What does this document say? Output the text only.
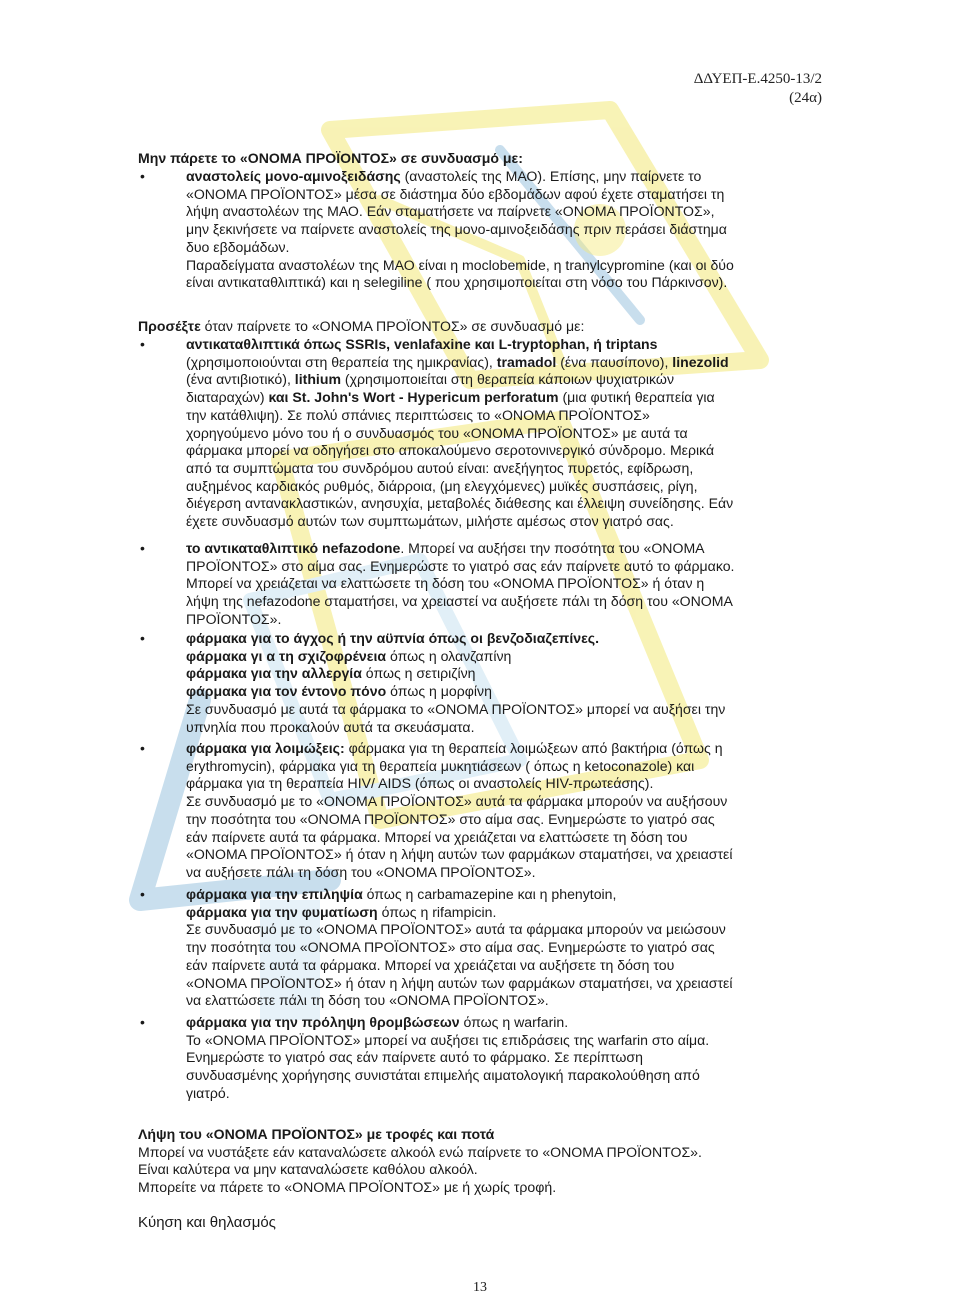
ΔΔΥΕΠ-Ε.4250-13/2
(24α)
Μην πάρετε το «ΟΝΟΜΑ ΠΡΟΪΟΝΤΟΣ» σε συνδυασμό με:
•	αναστολείς μονο-αμινοξειδάσης (αναστολείς της ΜΑΟ). Επίσης, μην παίρνετε το
«ΟΝΟΜΑ ΠΡΟΪΟΝΤΟΣ» μέσα σε διάστημα δύο εβδομάδων αφού έχετε σταματήσει τη
λήψη αναστολέων της ΜΑΟ. Εάν σταματήσετε να παίρνετε «ΟΝΟΜΑ ΠΡΟΪΟΝΤΟΣ»,
μην ξεκινήσετε να παίρνετε αναστολείς της μονο-αμινοξειδάσης πριν περάσει διάστημα
δυο εβδομάδων.
Παραδείγματα αναστολέων της ΜΑΟ είναι η moclobemide, η tranylcypromine (και οι δύο
είναι αντικαταθλιπτικά) και η selegiline ( που χρησιμοποιείται στη νόσο του Πάρκινσον).
Προσέξτε όταν παίρνετε το «ΟΝΟΜΑ ΠΡΟΪΟΝΤΟΣ» σε συνδυασμό με:
•	αντικαταθλιπτικά όπως SSRIs, venlafaxine και L-tryptophan, ή triptans
(χρησιμοποιούνται στη θεραπεία της ημικρανίας), tramadol (ένα παυσίπονο), linezolid
(ένα αντιβιοτικό), lithium (χρησιμοποιείται στη θεραπεία κάποιων ψυχιατρικών
διαταραχών) και St. John's Wort - Hypericum perforatum (μια φυτική θεραπεία για
την κατάθλιψη). Σε πολύ σπάνιες περιπτώσεις το «ΟΝΟΜΑ ΠΡΟΪΟΝΤΟΣ»
χορηγούμενο μόνο του ή ο συνδυασμός του «ΟΝΟΜΑ ΠΡΟΪΟΝΤΟΣ» με αυτά τα
φάρμακα μπορεί να οδηγήσει στο αποκαλούμενο σεροτονινεργικό σύνδρομο. Μερικά
από τα συμπτώματα του συνδρόμου αυτού είναι: ανεξήγητος πυρετός, εφίδρωση,
αυξημένος καρδιακός ρυθμός, διάρροια, (μη ελεγχόμενες) μυϊκές συσπάσεις, ρίγη,
διέγερση αντανακλαστικών, ανησυχία, μεταβολές διάθεσης και έλλειψη συνείδησης. Εάν
έχετε συνδυασμό αυτών των συμπτωμάτων, μιλήστε αμέσως στον γιατρό σας.
•	το αντικαταθλιπτικό nefazodone. Μπορεί να αυξήσει την ποσότητα του «ΟΝΟΜΑ
ΠΡΟΪΟΝΤΟΣ» στο αίμα σας. Ενημερώστε το γιατρό σας εάν παίρνετε αυτό το φάρμακο.
Μπορεί να χρειάζεται να ελαττώσετε τη δόση του «ΟΝΟΜΑ ΠΡΟΪΟΝΤΟΣ» ή όταν η
λήψη της nefazodone σταματήσει, να χρειαστεί να αυξήσετε πάλι τη δόση του «ΟΝΟΜΑ
ΠΡΟΪΟΝΤΟΣ».
•	φάρμακα για το άγχος ή την αϋπνία όπως οι βενζοδιαζεπίνες.
φάρμακα γι α τη σχιζοφρένεια όπως η ολανζαπίνη
φάρμακα για την αλλεργία όπως η σετιριζίνη
φάρμακα για τον έντονο πόνο όπως η μορφίνη
Σε συνδυασμό με αυτά τα φάρμακα το «ΟΝΟΜΑ ΠΡΟΪΟΝΤΟΣ» μπορεί να αυξήσει την
υπνηλία που προκαλούν αυτά τα σκευάσματα.
•	φάρμακα για λοιμώξεις: φάρμακα για τη θεραπεία λοιμώξεων από βακτήρια (όπως η
erythromycin), φάρμακα για τη θεραπεία μυκητιάσεων ( όπως η ketoconazole) και
φάρμακα για τη θεραπεία HIV/ AIDS (όπως οι αναστολείς HIV-πρωτεάσης).
Σε συνδυασμό με το «ΟΝΟΜΑ ΠΡΟΪΟΝΤΟΣ» αυτά τα φάρμακα μπορούν να αυξήσουν
την ποσότητα του «ΟΝΟΜΑ ΠΡΟΪΟΝΤΟΣ» στο αίμα σας. Ενημερώστε το γιατρό σας
εάν παίρνετε αυτά τα φάρμακα. Μπορεί να χρειάζεται να ελαττώσετε τη δόση του
«ΟΝΟΜΑ ΠΡΟΪΟΝΤΟΣ» ή όταν η λήψη αυτών των φαρμάκων σταματήσει, να χρειαστεί
να αυξήσετε πάλι τη δόση του «ΟΝΟΜΑ ΠΡΟΪΟΝΤΟΣ».
•	φάρμακα για την επιληψία όπως η carbamazepine και η phenytoin,
φάρμακα για την φυματίωση όπως η rifampicin.
Σε συνδυασμό με το «ΟΝΟΜΑ ΠΡΟΪΟΝΤΟΣ» αυτά τα φάρμακα μπορούν να μειώσουν
την ποσότητα του «ΟΝΟΜΑ ΠΡΟΪΟΝΤΟΣ» στο αίμα σας. Ενημερώστε το γιατρό σας
εάν παίρνετε αυτά τα φάρμακα. Μπορεί να χρειάζεται να αυξήσετε τη δόση του
«ΟΝΟΜΑ ΠΡΟΪΟΝΤΟΣ» ή όταν η λήψη αυτών των φαρμάκων σταματήσει, να χρειαστεί
να ελαττώσετε πάλι τη δόση του «ΟΝΟΜΑ ΠΡΟΪΟΝΤΟΣ».
•	φάρμακα για την πρόληψη θρομβώσεων όπως η warfarin.
Το «ΟΝΟΜΑ ΠΡΟΪΟΝΤΟΣ» μπορεί να αυξήσει τις επιδράσεις της warfarin στο αίμα.
Ενημερώστε το γιατρό σας εάν παίρνετε αυτό το φάρμακο. Σε περίπτωση
συνδυασμένης χορήγησης συνιστάται επιμελής αιματολογική παρακολούθηση από
γιατρό.
Λήψη του «ΟΝΟΜΑ ΠΡΟΪΟΝΤΟΣ» με τροφές και ποτά
Μπορεί να νυστάξετε εάν καταναλώσετε αλκοόλ ενώ παίρνετε το «ΟΝΟΜΑ ΠΡΟΪΟΝΤΟΣ».
Είναι καλύτερα να μην καταναλώσετε καθόλου αλκοόλ.
Μπορείτε να πάρετε το «ΟΝΟΜΑ ΠΡΟΪΟΝΤΟΣ» με ή χωρίς τροφή.
Κύηση και θηλασμός
13
